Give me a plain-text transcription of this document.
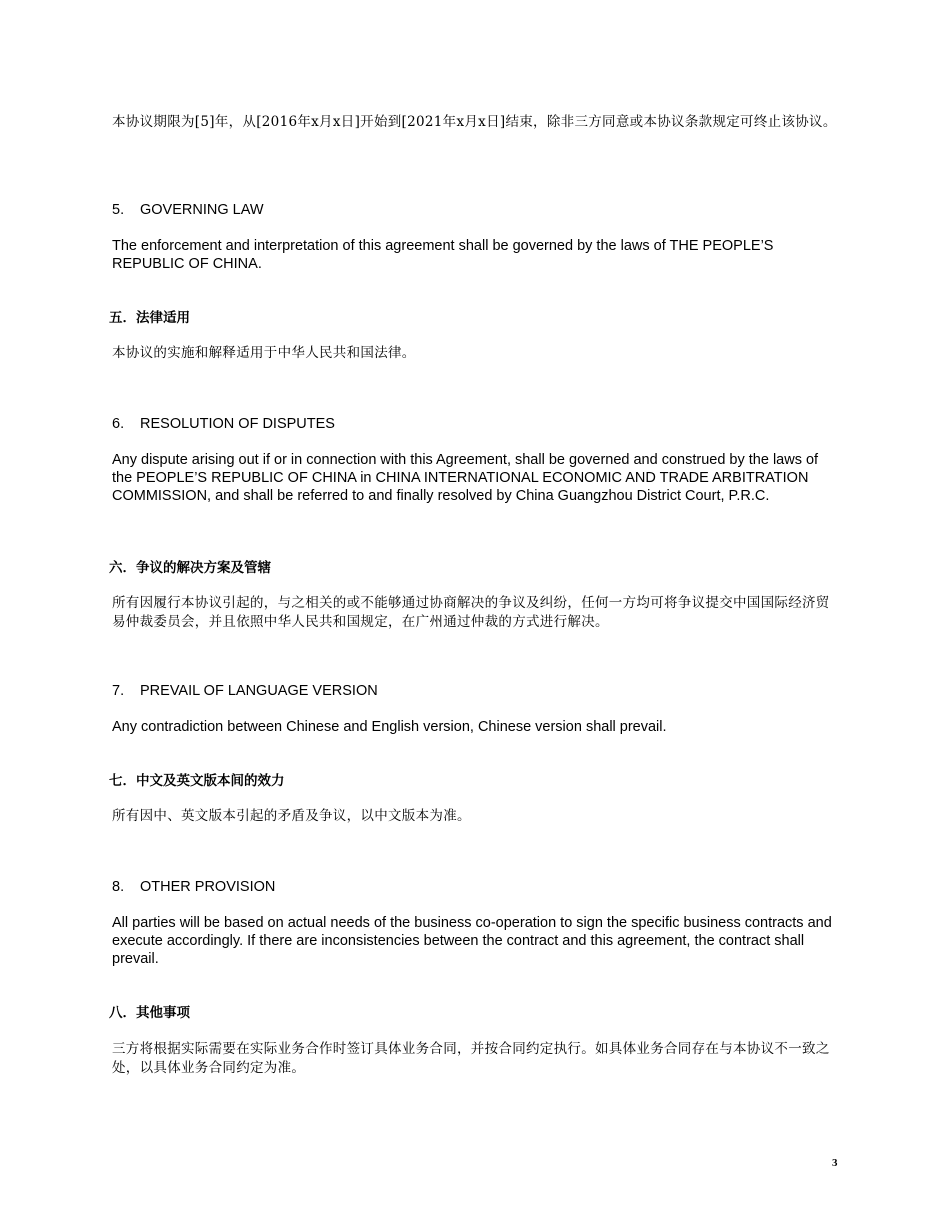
本协议期限为[5]年，从[2016年x月x日]开始到[2021年x月x日]结束，除非三方同意或本协议条款规定可终止该协议。

5. GOVERNING LAW

The enforcement and interpretation of this agreement shall be governed by the laws of THE PEOPLE’S REPUBLIC OF CHINA.

五．法律适用

本协议的实施和解释适用于中华人民共和国法律。

6. RESOLUTION OF DISPUTES

Any dispute arising out if or in connection with this Agreement, shall be governed and construed by the laws of the PEOPLE’S REPUBLIC OF CHINA in CHINA INTERNATIONAL ECONOMIC AND TRADE ARBITRATION COMMISSION, and shall be referred to and finally resolved by China Guangzhou District Court, P.R.C.

六．争议的解决方案及管辖

所有因履行本协议引起的，与之相关的或不能够通过协商解决的争议及纠纷，任何一方均可将争议提交中国国际经济贸易仲裁委员会，并且依照中华人民共和国规定，在广州通过仲裁的方式进行解决。

7. PREVAIL OF LANGUAGE VERSION

Any contradiction between Chinese and English version, Chinese version shall prevail.

七．中文及英文版本间的效力

所有因中、英文版本引起的矛盾及争议，以中文版本为准。

8. OTHER PROVISION

All parties will be based on actual needs of the business co-operation to sign the specific business contracts and execute accordingly. If there are inconsistencies between the contract and this agreement, the contract shall prevail.

八．其他事项

三方将根据实际需要在实际业务合作时签订具体业务合同，并按合同约定执行。如具体业务合同存在与本协议不一致之处，以具体业务合同约定为准。

3
